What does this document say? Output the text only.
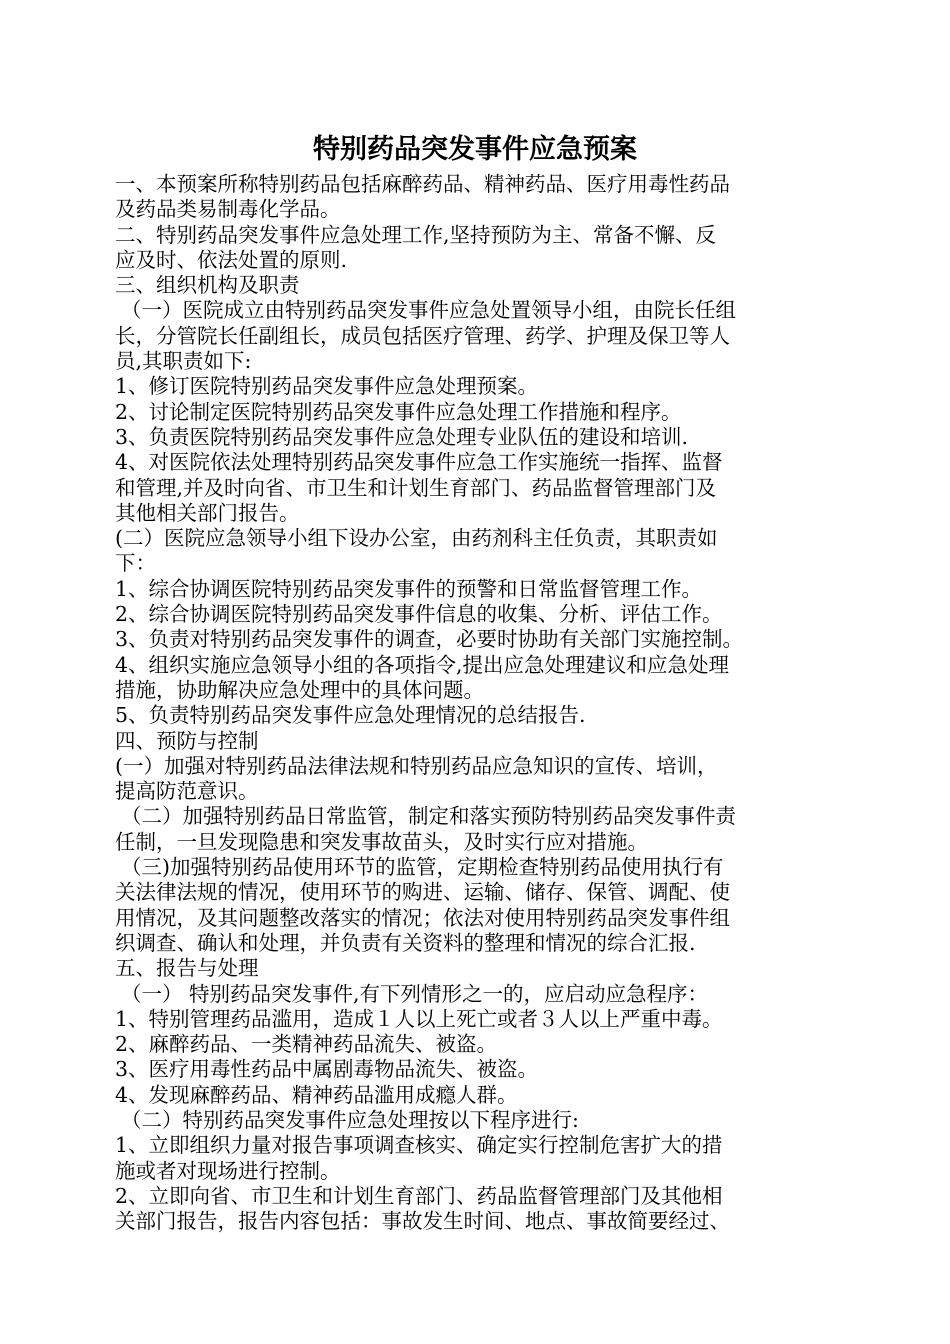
特别药品突发事件应急预案
一、本预案所称特别药品包括麻醉药品、精神药品、医疗用毒性药品
及药品类易制毒化学品。
二、特别药品突发事件应急处理工作,坚持预防为主、常备不懈、反
应及时、依法处置的原则.
三、组织机构及职责
（一）医院成立由特别药品突发事件应急处置领导小组，由院长任组
长，分管院长任副组长，成员包括医疗管理、药学、护理及保卫等人
员,其职责如下:
1、修订医院特别药品突发事件应急处理预案。
2、讨论制定医院特别药品突发事件应急处理工作措施和程序。
3、负责医院特别药品突发事件应急处理专业队伍的建设和培训.
4、对医院依法处理特别药品突发事件应急工作实施统一指挥、监督
和管理,并及时向省、市卫生和计划生育部门、药品监督管理部门及
其他相关部门报告。
(二）医院应急领导小组下设办公室，由药剂科主任负责，其职责如
下：
1、综合协调医院特别药品突发事件的预警和日常监督管理工作。
2、综合协调医院特别药品突发事件信息的收集、分析、评估工作。
3、负责对特别药品突发事件的调查，必要时协助有关部门实施控制。
4、组织实施应急领导小组的各项指令,提出应急处理建议和应急处理
措施，协助解决应急处理中的具体问题。
5、负责特别药品突发事件应急处理情况的总结报告.
四、预防与控制
(一）加强对特别药品法律法规和特别药品应急知识的宣传、培训，
提高防范意识。
（二）加强特别药品日常监管，制定和落实预防特别药品突发事件责
任制，一旦发现隐患和突发事故苗头，及时实行应对措施。
（三)加强特别药品使用环节的监管，定期检查特别药品使用执行有
关法律法规的情况，使用环节的购进、运输、储存、保管、调配、使
用情况，及其问题整改落实的情况；依法对使用特别药品突发事件组
织调查、确认和处理，并负责有关资料的整理和情况的综合汇报.
五、报告与处理
（一） 特别药品突发事件,有下列情形之一的，应启动应急程序：
1、特别管理药品滥用，造成１人以上死亡或者３人以上严重中毒。
2、麻醉药品、一类精神药品流失、被盗。
3、医疗用毒性药品中属剧毒物品流失、被盗。
4、发现麻醉药品、精神药品滥用成瘾人群。
（二）特别药品突发事件应急处理按以下程序进行:
1、立即组织力量对报告事项调查核实、确定实行控制危害扩大的措
施或者对现场进行控制。
2、立即向省、市卫生和计划生育部门、药品监督管理部门及其他相
关部门报告，报告内容包括：事故发生时间、地点、事故简要经过、
